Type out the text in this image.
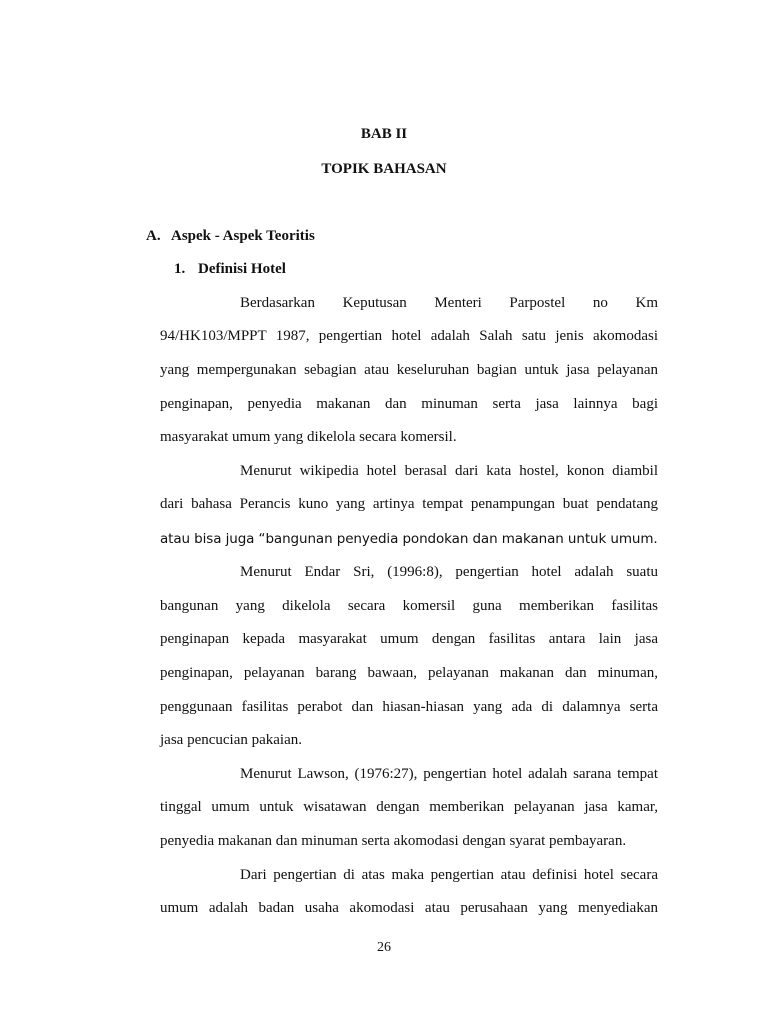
BAB II
TOPIK BAHASAN
A. Aspek - Aspek Teoritis
1. Definisi Hotel
Berdasarkan Keputusan Menteri Parpostel no Km
94/HK103/MPPT 1987, pengertian hotel adalah Salah satu jenis akomodasi
yang mempergunakan sebagian atau keseluruhan bagian untuk jasa pelayanan
penginapan, penyedia makanan dan minuman serta jasa lainnya bagi
masyarakat umum yang dikelola secara komersil.
Menurut wikipedia hotel berasal dari kata hostel, konon diambil
dari bahasa Perancis kuno yang artinya tempat penampungan buat pendatang
atau bisa juga “bangunan penyedia pondokan dan makanan untuk umum.
Menurut Endar Sri, (1996:8), pengertian hotel adalah suatu
bangunan yang dikelola secara komersil guna memberikan fasilitas
penginapan kepada masyarakat umum dengan fasilitas antara lain jasa
penginapan, pelayanan barang bawaan, pelayanan makanan dan minuman,
penggunaan fasilitas perabot dan hiasan-hiasan yang ada di dalamnya serta
jasa pencucian pakaian.
Menurut Lawson, (1976:27), pengertian hotel adalah sarana tempat
tinggal umum untuk wisatawan dengan memberikan pelayanan jasa kamar,
penyedia makanan dan minuman serta akomodasi dengan syarat pembayaran.
Dari pengertian di atas maka pengertian atau definisi hotel secara
umum adalah badan usaha akomodasi atau perusahaan yang menyediakan
26
